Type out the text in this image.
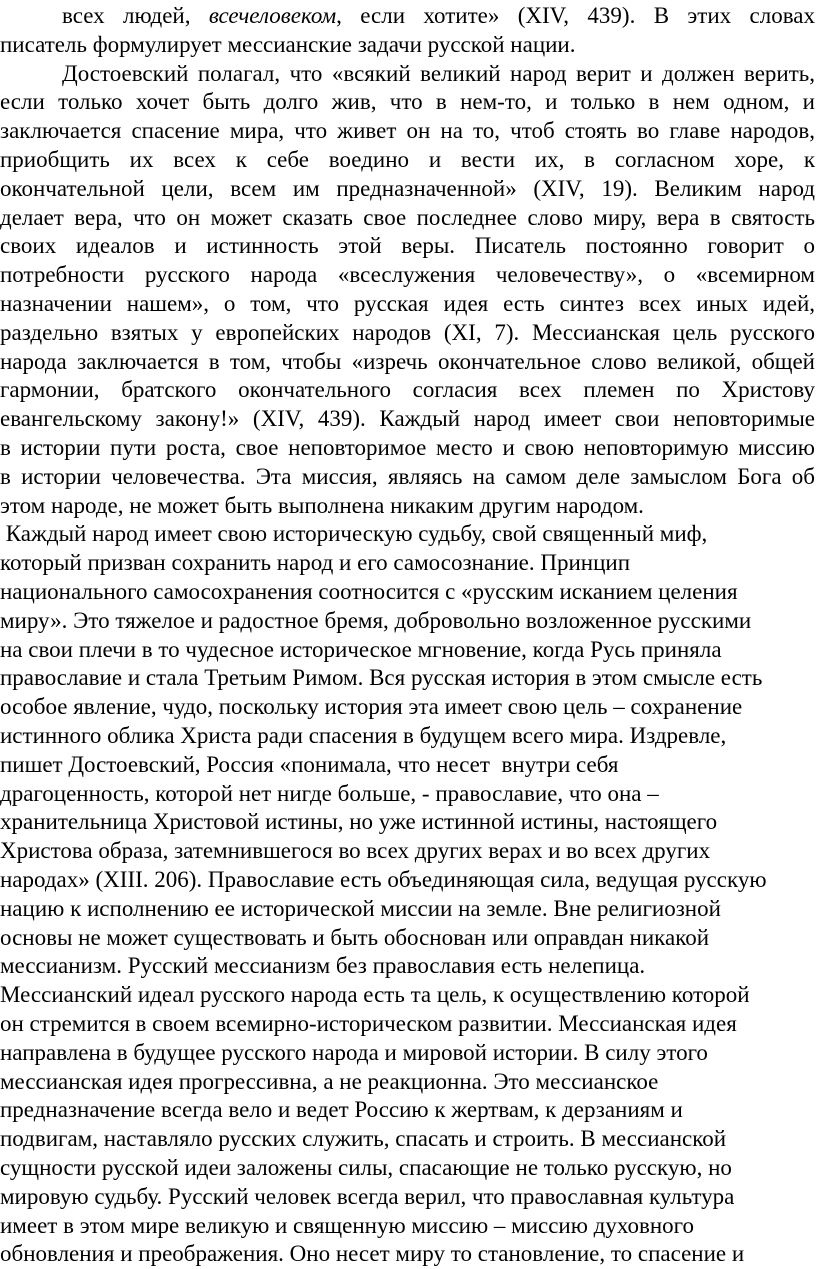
всех людей, всечеловеком, если хотите» (XIV, 439). В этих словах
писатель формулирует мессианские задачи русской нации.
Достоевский полагал, что «всякий великий народ верит и должен верить,
если только хочет быть долго жив, что в нем-то, и только в нем одном, и
заключается спасение мира, что живет он на то, чтоб стоять во главе народов,
приобщить их всех к себе воедино и вести их, в согласном хоре, к
окончательной цели, всем им предназначенной» (XIV, 19). Великим народ
делает вера, что он может сказать свое последнее слово миру, вера в святость
своих идеалов и истинность этой веры. Писатель постоянно говорит о
потребности русского народа «всеслужения человечеству», о «всемирном
назначении нашем», о том, что русская идея есть синтез всех иных идей,
раздельно взятых у европейских народов (XI, 7). Мессианская цель русского
народа заключается в том, чтобы «изречь окончательное слово великой, общей
гармонии, братского окончательного согласия всех племен по Христову
евангельскому закону!» (XIV, 439). Каждый народ имеет свои неповторимые
в истории пути роста, свое неповторимое место и свою неповторимую миссию
в истории человечества. Эта миссия, являясь на самом деле замыслом Бога об
этом народе, не может быть выполнена никаким другим народом.
Каждый народ имеет свою историческую судьбу, свой священный миф,
который призван сохранить народ и его самосознание. Принцип
национального самосохранения соотносится с «русским исканием целения
миру». Это тяжелое и радостное бремя, добровольно возложенное русскими
на свои плечи в то чудесное историческое мгновение, когда Русь приняла
православие и стала Третьим Римом. Вся русская история в этом смысле есть
особое явление, чудо, поскольку история эта имеет свою цель – сохранение
истинного облика Христа ради спасения в будущем всего мира. Издревле,
пишет Достоевский, Россия «понимала, что несет  внутри себя
драгоценность, которой нет нигде больше, - православие, что она –
хранительница Христовой истины, но уже истинной истины, настоящего
Христова образа, затемнившегося во всех других верах и во всех других
народах» (XIII. 206). Православие есть объединяющая сила, ведущая русскую
нацию к исполнению ее исторической миссии на земле. Вне религиозной
основы не может существовать и быть обоснован или оправдан никакой
мессианизм. Русский мессианизм без православия есть нелепица.
Мессианский идеал русского народа есть та цель, к осуществлению которой
он стремится в своем всемирно-историческом развитии. Мессианская идея
направлена в будущее русского народа и мировой истории. В силу этого
мессианская идея прогрессивна, а не реакционна. Это мессианское
предназначение всегда вело и ведет Россию к жертвам, к дерзаниям и
подвигам, наставляло русских служить, спасать и строить. В мессианской
сущности русской идеи заложены силы, спасающие не только русскую, но
мировую судьбу. Русский человек всегда верил, что православная культура
имеет в этом мире великую и священную миссию – миссию духовного
обновления и преображения. Оно несет миру то становление, то спасение и
